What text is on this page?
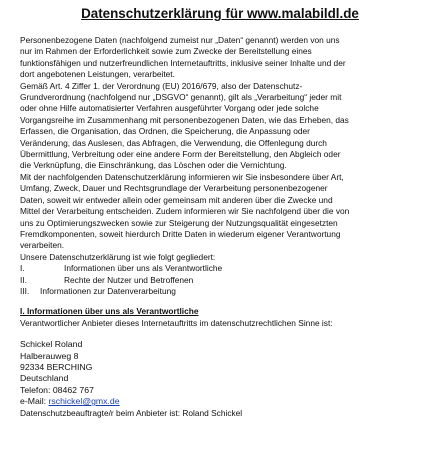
Datenschutzerklärung für www.malabildl.de
Personenbezogene Daten (nachfolgend zumeist nur „Daten“ genannt) werden von uns
nur im Rahmen der Erforderlichkeit sowie zum Zwecke der Bereitstellung eines
funktionsfähigen und nutzerfreundlichen Internetauftritts, inklusive seiner Inhalte und der
dort angebotenen Leistungen, verarbeitet.
Gemäß Art. 4 Ziffer 1. der Verordnung (EU) 2016/679, also der Datenschutz-
Grundverordnung (nachfolgend nur „DSGVO“ genannt), gilt als „Verarbeitung“ jeder mit
oder ohne Hilfe automatisierter Verfahren ausgeführter Vorgang oder jede solche
Vorgangsreihe im Zusammenhang mit personenbezogenen Daten, wie das Erheben, das
Erfassen, die Organisation, das Ordnen, die Speicherung, die Anpassung oder
Veränderung, das Auslesen, das Abfragen, die Verwendung, die Offenlegung durch
Übermittlung, Verbreitung oder eine andere Form der Bereitstellung, den Abgleich oder
die Verknüpfung, die Einschränkung, das Löschen oder die Vernichtung.
Mit der nachfolgenden Datenschutzerklärung informieren wir Sie insbesondere über Art,
Umfang, Zweck, Dauer und Rechtsgrundlage der Verarbeitung personenbezogener
Daten, soweit wir entweder allein oder gemeinsam mit anderen über die Zwecke und
Mittel der Verarbeitung entscheiden. Zudem informieren wir Sie nachfolgend über die von
uns zu Optimierungszwecken sowie zur Steigerung der Nutzungsqualität eingesetzten
Fremdkomponenten, soweit hierdurch Dritte Daten in wiederum eigener Verantwortung
verarbeiten.
Unsere Datenschutzerklärung ist wie folgt gegliedert:
I.	Informationen über uns als Verantwortliche
II.	Rechte der Nutzer und Betroffenen
III. Informationen zur Datenverarbeitung
I. Informationen über uns als Verantwortliche
Verantwortlicher Anbieter dieses Internetauftritts im datenschutzrechtlichen Sinne ist:
Schickel Roland
Halberauweg 8
92334 BERCHING
Deutschland
Telefon: 08462 767
e-Mail: rschickel@gmx.de
Datenschutzbeauftragte/r beim Anbieter ist: Roland Schickel
